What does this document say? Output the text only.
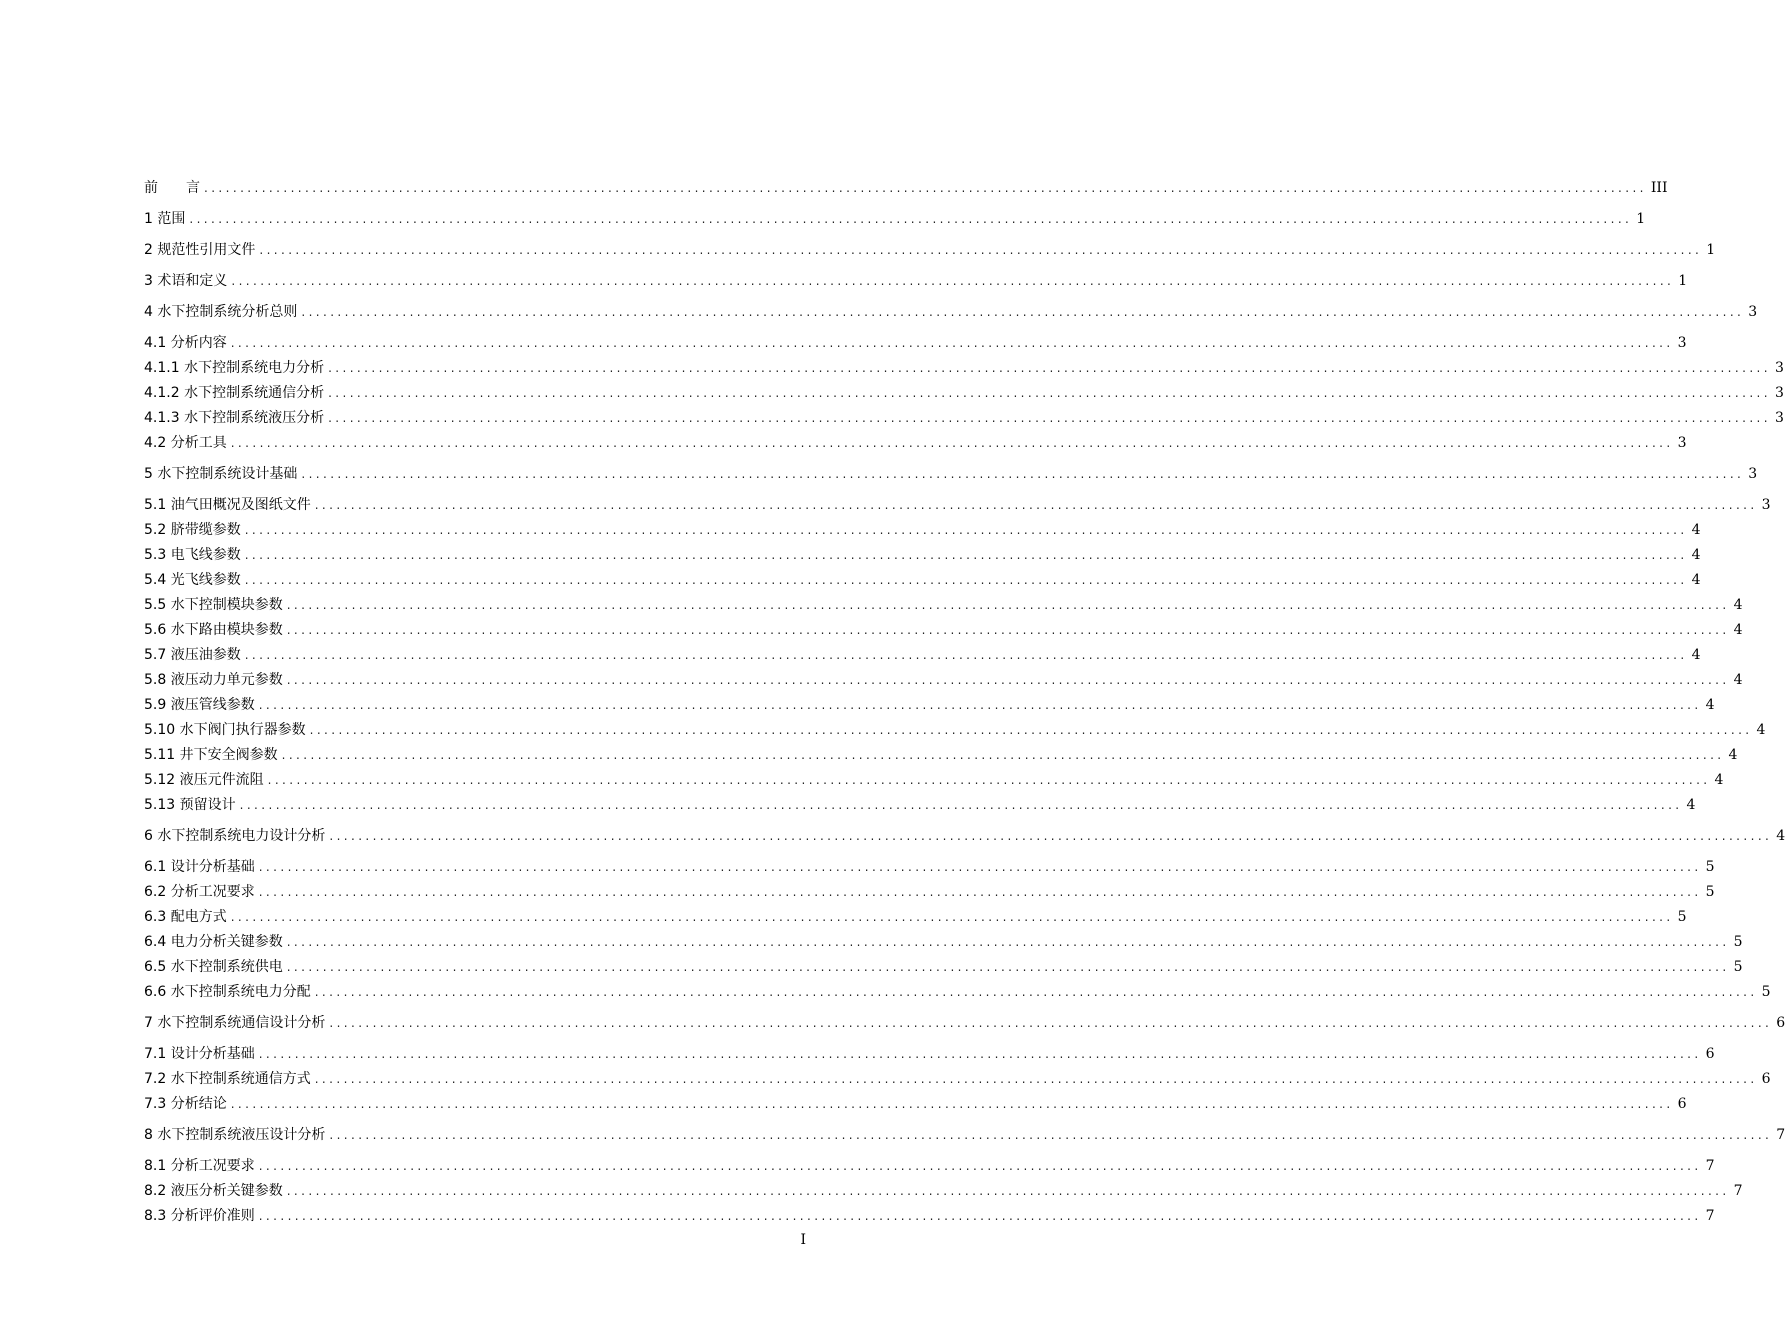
前　　言 ........................................................................................................................................................................................................ III
1 范围 ........................................................................................................................................................................................................ 1
2 规范性引用文件 ........................................................................................................................................................................................................ 1
3 术语和定义 ........................................................................................................................................................................................................ 1
4 水下控制系统分析总则 ........................................................................................................................................................................................................ 3
4.1 分析内容 ........................................................................................................................................................................................................ 3
4.1.1 水下控制系统电力分析 ........................................................................................................................................................................................................ 3
4.1.2 水下控制系统通信分析 ........................................................................................................................................................................................................ 3
4.1.3 水下控制系统液压分析 ........................................................................................................................................................................................................ 3
4.2 分析工具 ........................................................................................................................................................................................................ 3
5 水下控制系统设计基础 ........................................................................................................................................................................................................ 3
5.1 油气田概况及图纸文件 ........................................................................................................................................................................................................ 3
5.2 脐带缆参数 ........................................................................................................................................................................................................ 4
5.3 电飞线参数 ........................................................................................................................................................................................................ 4
5.4 光飞线参数 ........................................................................................................................................................................................................ 4
5.5 水下控制模块参数 ........................................................................................................................................................................................................ 4
5.6 水下路由模块参数 ........................................................................................................................................................................................................ 4
5.7 液压油参数 ........................................................................................................................................................................................................ 4
5.8 液压动力单元参数 ........................................................................................................................................................................................................ 4
5.9 液压管线参数 ........................................................................................................................................................................................................ 4
5.10 水下阀门执行器参数 ........................................................................................................................................................................................................ 4
5.11 井下安全阀参数 ........................................................................................................................................................................................................ 4
5.12 液压元件流阻 ........................................................................................................................................................................................................ 4
5.13 预留设计 ........................................................................................................................................................................................................ 4
6 水下控制系统电力设计分析 ........................................................................................................................................................................................................ 4
6.1 设计分析基础 ........................................................................................................................................................................................................ 5
6.2 分析工况要求 ........................................................................................................................................................................................................ 5
6.3 配电方式 ........................................................................................................................................................................................................ 5
6.4 电力分析关键参数 ........................................................................................................................................................................................................ 5
6.5 水下控制系统供电 ........................................................................................................................................................................................................ 5
6.6 水下控制系统电力分配 ........................................................................................................................................................................................................ 5
7 水下控制系统通信设计分析 ........................................................................................................................................................................................................ 6
7.1 设计分析基础 ........................................................................................................................................................................................................ 6
7.2 水下控制系统通信方式 ........................................................................................................................................................................................................ 6
7.3 分析结论 ........................................................................................................................................................................................................ 6
8 水下控制系统液压设计分析 ........................................................................................................................................................................................................ 7
8.1 分析工况要求 ........................................................................................................................................................................................................ 7
8.2 液压分析关键参数 ........................................................................................................................................................................................................ 7
8.3 分析评价准则 ........................................................................................................................................................................................................ 7
I
